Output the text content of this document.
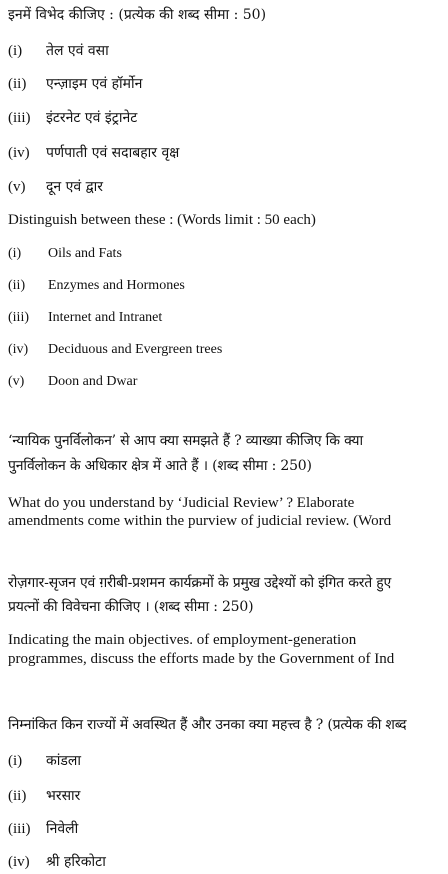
इनमें विभेद कीजिए : (प्रत्येक की शब्द सीमा : 50)
(i) तेल एवं वसा
(ii) एन्ज़ाइम एवं हॉर्मोन
(iii) इंटरनेट एवं इंट्रानेट
(iv) पर्णपाती एवं सदाबहार वृक्ष
(v) दून एवं द्वार
Distinguish between these : (Words limit : 50 each)
(i) Oils and Fats
(ii) Enzymes and Hormones
(iii) Internet and Intranet
(iv) Deciduous and Evergreen trees
(v) Doon and Dwar
‘न्यायिक पुनर्विलोकन’ से आप क्या समझते हैं ? व्याख्या कीजिए कि क्या
पुनर्विलोकन के अधिकार क्षेत्र में आते हैं । (शब्द सीमा : 250)
What do you understand by ‘Judicial Review’ ? Elaborate
amendments come within the purview of judicial review. (Word
रोज़गार-सृजन एवं ग़रीबी-प्रशमन कार्यक्रमों के प्रमुख उद्देश्यों को इंगित करते हुए
प्रयत्नों की विवेचना कीजिए । (शब्द सीमा : 250)
Indicating the main objectives. of employment-generation
programmes, discuss the efforts made by the Government of Ind
निम्नांकित किन राज्यों में अवस्थित हैं और उनका क्या महत्त्व है ? (प्रत्येक की शब्द
(i) कांडला
(ii) भरसार
(iii) निवेली
(iv) श्री हरिकोटा
